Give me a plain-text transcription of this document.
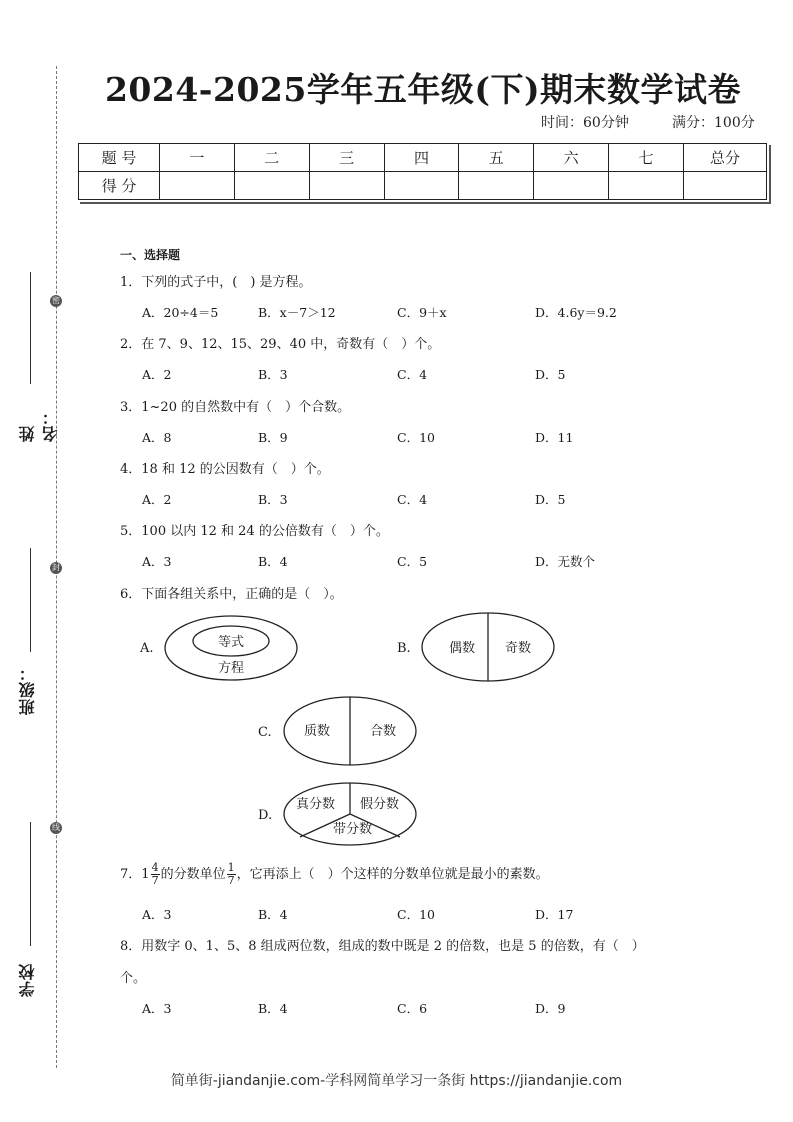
密
封
线
姓名：
班级：
学校
2024-2025学年五年级(下)期末数学试卷
时间：60分钟	满分：100分
题 号	一	二	三	四	五	六	七	总分
得 分								
一、选择题
1．下列的式子中，(　) 是方程。
A．20÷4＝5	B．x－7＞12	C．9＋x	D．4.6y＝9.2
2．在 7、9、12、15、29、40 中，奇数有（　）个。
A．2	B．3	C．4	D．5
3．1~20 的自然数中有（　）个合数。
A．8	B．9	C．10	D．11
4．18 和 12 的公因数有（　）个。
A．2	B．3	C．4	D．5
5．100 以内 12 和 24 的公倍数有（　）个。
A．3	B．4	C．5	D．无数个
6．下面各组关系中，正确的是（　）。
A.	等式
方程
B.	偶数 奇数
C. 质数	合数
D.
真分数 假分数
带分数
7．$1 \frac{4}{7}$ 的分数单位 $\frac{1}{7}$ ，它再添上（　）个这样的分数单位就是最小的素数。
A．3	B．4	C．10	D．17
8．用数字 0、1、5、8 组成两位数，组成的数中既是 2 的倍数，也是 5 的倍数，有（　）
个。
A．3	B．4	C．6	D．9
简单街-jiandanjie.com-学科网简单学习一条街 https://jiandanjie.com
